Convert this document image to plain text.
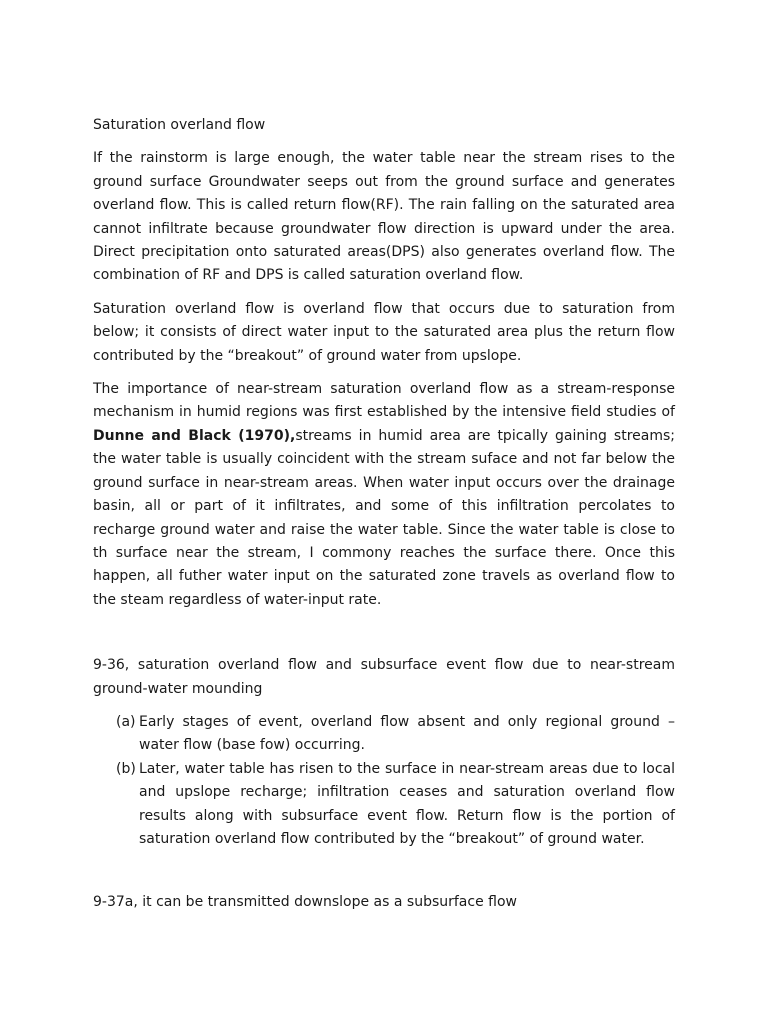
Saturation overland flow

If the rainstorm is large enough, the water table near the stream rises to the ground surface Groundwater seeps out from the ground surface and generates overland flow. This is called return flow(RF). The rain falling on the saturated area cannot infiltrate because groundwater flow direction is upward under the area. Direct precipitation onto saturated areas(DPS) also generates overland flow. The combination of RF and DPS is called saturation overland flow.

Saturation overland flow is overland flow that occurs due to saturation from below; it consists of direct water input to the saturated area plus the return flow contributed by the “breakout” of ground water from upslope.

The importance of near-stream saturation overland flow as a stream-response mechanism in humid regions was first established by the intensive field studies of Dunne and Black (1970),streams in humid area are tpically gaining streams; the water table is usually coincident with the stream suface and not far below the ground surface in near-stream areas. When water input occurs over the drainage basin, all or part of it infiltrates, and some of this infiltration percolates to recharge ground water and raise the water table. Since the water table is close to th surface near the stream, I commony reaches the surface there. Once this happen, all futher water input on the saturated zone travels as overland flow to the steam regardless of water-input rate.

9-36, saturation overland flow and subsurface event flow due to near-stream ground-water mounding

(a) Early stages of event, overland flow absent and only regional ground – water flow (base fow) occurring.
(b) Later, water table has risen to the surface in near-stream areas due to local and upslope recharge; infiltration ceases and saturation overland flow results along with subsurface event flow. Return flow is the portion of saturation overland flow contributed by the “breakout” of ground water.

9-37a, it can be transmitted downslope as a subsurface flow
